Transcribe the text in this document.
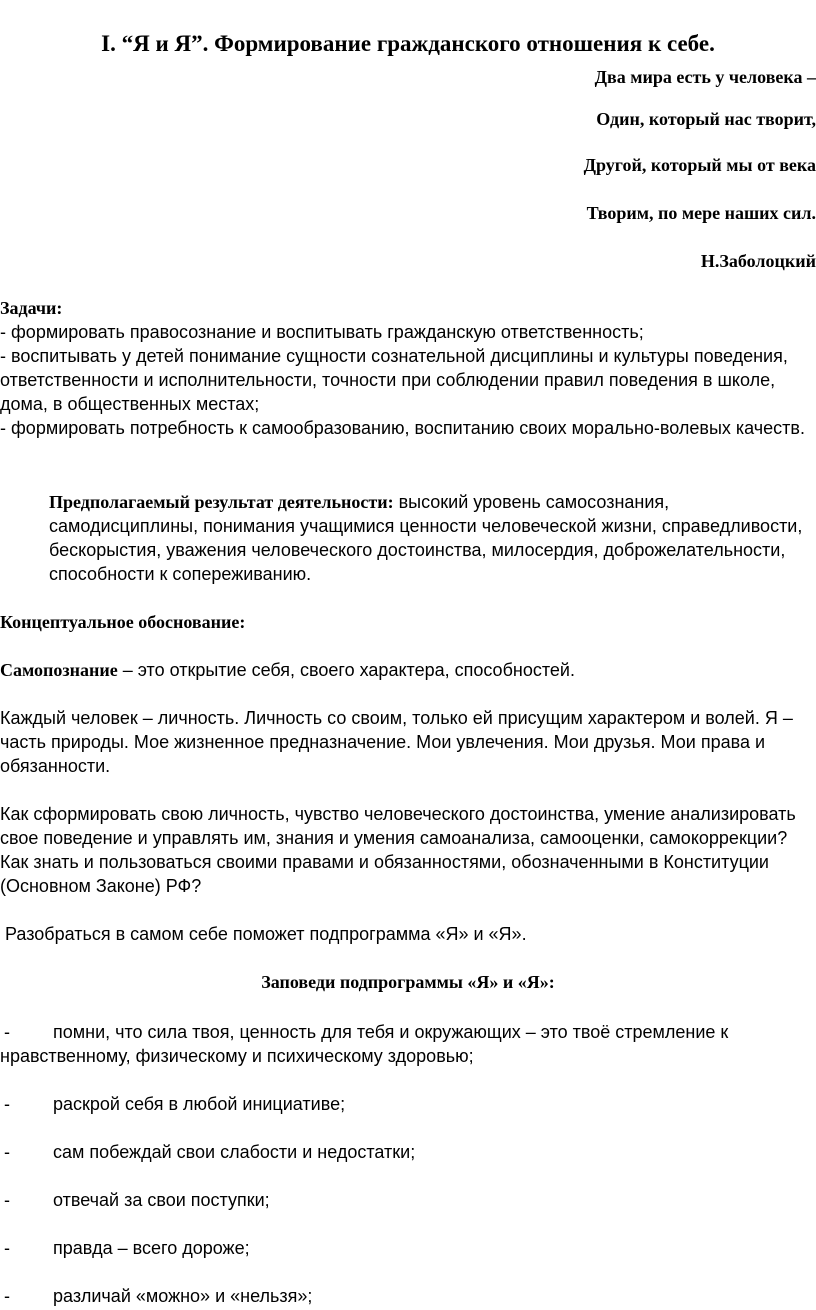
I. “Я и Я”. Формирование гражданского отношения к себе.
Два мира есть у человека –
Один, который нас творит,
Другой, который мы от века
Творим, по мере наших сил.
Н.Заболоцкий

Задачи:

- формировать правосознание и воспитывать гражданскую ответственность;

- воспитывать у детей понимание сущности сознательной дисциплины и культуры поведения, ответственности и исполнительности, точности при соблюдении правил поведения в школе, дома, в общественных местах;

- формировать потребность к самообразованию, воспитанию своих морально-волевых качеств.

Предполагаемый результат деятельности: высокий уровень самосознания, самодисциплины, понимания учащимися ценности человеческой жизни, справедливости, бескорыстия, уважения человеческого достоинства, милосердия, доброжелательности, способности к сопереживанию.

Концептуальное обоснование:

Самопознание – это открытие себя, своего характера, способностей.

Каждый человек – личность. Личность со своим, только ей присущим характером и волей. Я – часть природы. Мое жизненное предназначение. Мои увлечения. Мои друзья. Мои права и обязанности.

Как сформировать свою личность, чувство человеческого достоинства, умение анализировать свое поведение и управлять им, знания и умения самоанализа, самооценки, самокоррекции? Как знать и пользоваться своими правами и обязанностями, обозначенными в Конституции (Основном Законе) РФ?

Разобраться в самом себе поможет подпрограмма «Я» и «Я».

Заповеди подпрограммы «Я» и «Я»:

-	помни, что сила твоя, ценность для тебя и окружающих – это твоё стремление к нравственному, физическому и психическому здоровью;
-	раскрой себя в любой инициативе;
-	сам побеждай свои слабости и недостатки;
-	отвечай за свои поступки;
-	правда – всего дороже;
-	различай «можно» и «нельзя»;
